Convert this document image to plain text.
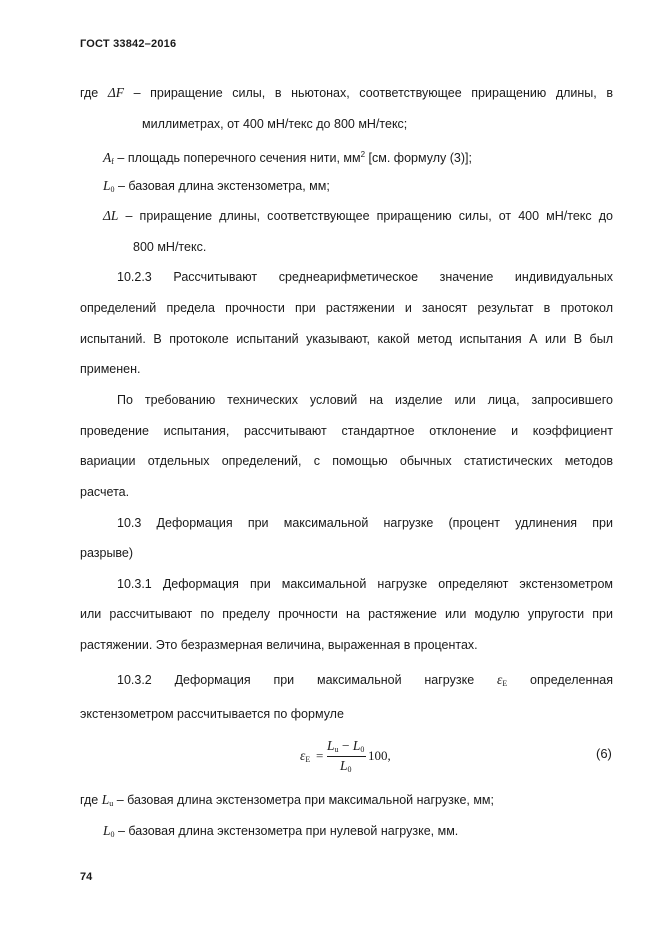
ГОСТ 33842–2016
где ΔF – приращение силы, в ньютонах, соответствующее приращению длины, в
миллиметрах, от 400 мН/текс до 800 мН/текс;
$A_f$ – площадь поперечного сечения нити, $мм^2$ [см. формулу (3)];
$L_0$ – базовая длина экстензометра, мм;
ΔL – приращение длины, соответствующее приращению силы, от 400 мН/текс до
800 мН/текс.
10.2.3 Рассчитывают среднеарифметическое значение индивидуальных
определений предела прочности при растяжении и заносят результат в протокол
испытаний. В протоколе испытаний указывают, какой метод испытания А или В был
применен.
По требованию технических условий на изделие или лица, запросившего
проведение испытания, рассчитывают стандартное отклонение и коэффициент
вариации отдельных определений, с помощью обычных статистических методов
расчета.
10.3 Деформация при максимальной нагрузке (процент удлинения при
разрыве)
10.3.1 Деформация при максимальной нагрузке определяют экстензометром
или рассчитывают по пределу прочности на растяжение или модулю упругости при
растяжении. Это безразмерная величина, выраженная в процентах.
10.3.2 Деформация при максимальной нагрузке $\varepsilon_E$ определенная
экстензометром рассчитывается по формуле
$\varepsilon_E$ =
$L_u - L_0$
$L_0$
100,	(6)
где $L_u$ – базовая длина экстензометра при максимальной нагрузке, мм;
$L_0$ – базовая длина экстензометра при нулевой нагрузке, мм.
74
